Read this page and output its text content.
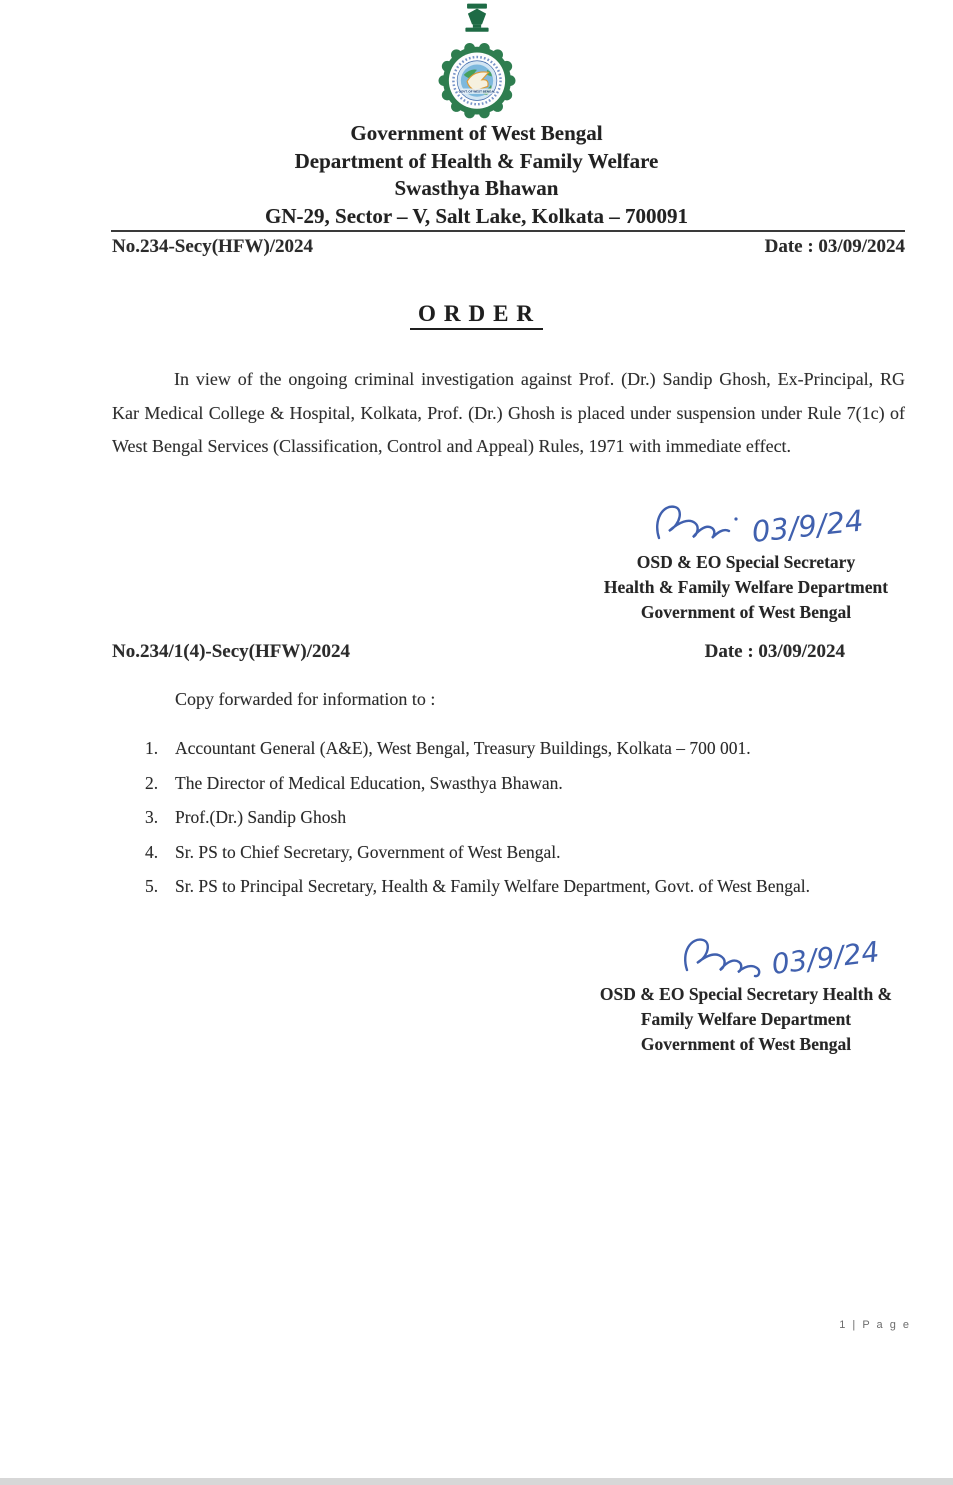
GOVT. OF WEST BENGAL
Government of West Bengal
Department of Health & Family Welfare
Swasthya Bhawan
GN-29, Sector – V, Salt Lake, Kolkata – 700091
No.234-Secy(HFW)/2024	Date : 03/09/2024
ORDER
In view of the ongoing criminal investigation against Prof. (Dr.) Sandip Ghosh, Ex-Principal, RG Kar Medical College & Hospital, Kolkata, Prof. (Dr.) Ghosh is placed under suspension under Rule 7(1c) of West Bengal Services (Classification, Control and Appeal) Rules, 1971 with immediate effect.
03/9/24
OSD & EO Special Secretary
Health & Family Welfare Department
Government of West Bengal
No.234/1(4)-Secy(HFW)/2024	Date : 03/09/2024
Copy forwarded for information to :
1. Accountant General (A&E), West Bengal, Treasury Buildings, Kolkata – 700 001.
2. The Director of Medical Education, Swasthya Bhawan.
3. Prof.(Dr.) Sandip Ghosh
4. Sr. PS to Chief Secretary, Government of West Bengal.
5. Sr. PS to Principal Secretary, Health & Family Welfare Department, Govt. of West Bengal.
03/9/24
OSD & EO Special Secretary Health &
Family Welfare Department
Government of West Bengal
1 | P a g e
